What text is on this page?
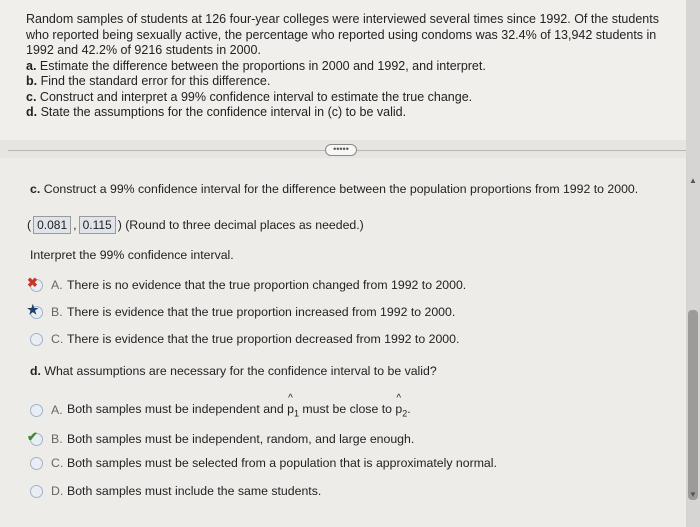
Random samples of students at 126 four-year colleges were interviewed several times since 1992. Of the students who reported being sexually active, the percentage who reported using condoms was 32.4% of 13,942 students in 1992 and 42.2% of 9216 students in 2000.

a. Estimate the difference between the proportions in 2000 and 1992, and interpret.

b. Find the standard error for this difference.

c. Construct and interpret a 99% confidence interval to estimate the true change.

d. State the assumptions for the confidence interval in (c) to be valid.

•••••
c. Construct a 99% confidence interval for the difference between the population proportions from 1992 to 2000.
( 0.081 , 0.115 ) (Round to three decimal places as needed.)
Interpret the 99% confidence interval.
✖ A. There is no evidence that the true proportion changed from 1992 to 2000.
★ B. There is evidence that the true proportion increased from 1992 to 2000.
C. There is evidence that the true proportion decreased from 1992 to 2000.
d. What assumptions are necessary for the confidence interval to be valid?
A. Both samples must be independent and ^ $p_1$ must be close to ^ $p_2$.
✔ B. Both samples must be independent, random, and large enough.
C. Both samples must be selected from a population that is approximately normal.
D. Both samples must include the same students.
▲
▼
